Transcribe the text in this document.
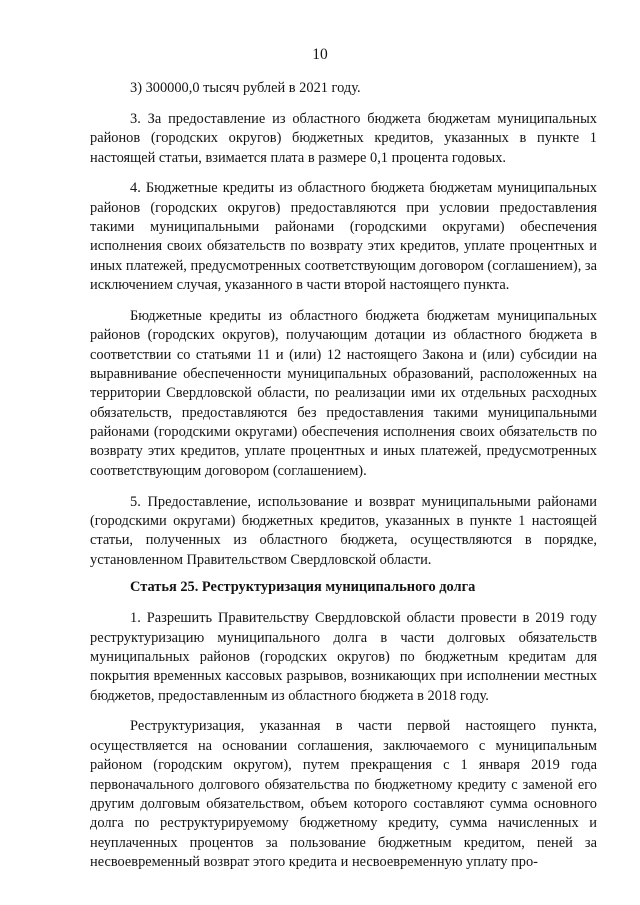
10

3) 300000,0 тысяч рублей в 2021 году.

3. За предоставление из областного бюджета бюджетам муниципальных районов (городских округов) бюджетных кредитов, указанных в пункте 1 настоящей статьи, взимается плата в размере 0,1 процента годовых.

4. Бюджетные кредиты из областного бюджета бюджетам муниципальных районов (городских округов) предоставляются при условии предоставления такими муниципальными районами (городскими округами) обеспечения исполнения своих обязательств по возврату этих кредитов, уплате процентных и иных платежей, предусмотренных соответствующим договором (соглашением), за исключением случая, указанного в части второй настоящего пункта.

Бюджетные кредиты из областного бюджета бюджетам муниципальных районов (городских округов), получающим дотации из областного бюджета в соответствии со статьями 11 и (или) 12 настоящего Закона и (или) субсидии на выравнивание обеспеченности муниципальных образований, расположенных на территории Свердловской области, по реализации ими их отдельных расходных обязательств, предоставляются без предоставления такими муниципальными районами (городскими округами) обеспечения исполнения своих обязательств по возврату этих кредитов, уплате процентных и иных платежей, предусмотренных соответствующим договором (соглашением).

5. Предоставление, использование и возврат муниципальными районами (городскими округами) бюджетных кредитов, указанных в пункте 1 настоящей статьи, полученных из областного бюджета, осуществляются в порядке, установленном Правительством Свердловской области.

Статья 25. Реструктуризация муниципального долга

1. Разрешить Правительству Свердловской области провести в 2019 году реструктуризацию муниципального долга в части долговых обязательств муниципальных районов (городских округов) по бюджетным кредитам для покрытия временных кассовых разрывов, возникающих при исполнении местных бюджетов, предоставленным из областного бюджета в 2018 году.

Реструктуризация, указанная в части первой настоящего пункта, осуществляется на основании соглашения, заключаемого с муниципальным районом (городским округом), путем прекращения с 1 января 2019 года первоначального долгового обязательства по бюджетному кредиту с заменой его другим долговым обязательством, объем которого составляют сумма основного долга по реструктурируемому бюджетному кредиту, сумма начисленных и неуплаченных процентов за пользование бюджетным кредитом, пеней за несвоевременный возврат этого кредита и несвоевременную уплату про-
